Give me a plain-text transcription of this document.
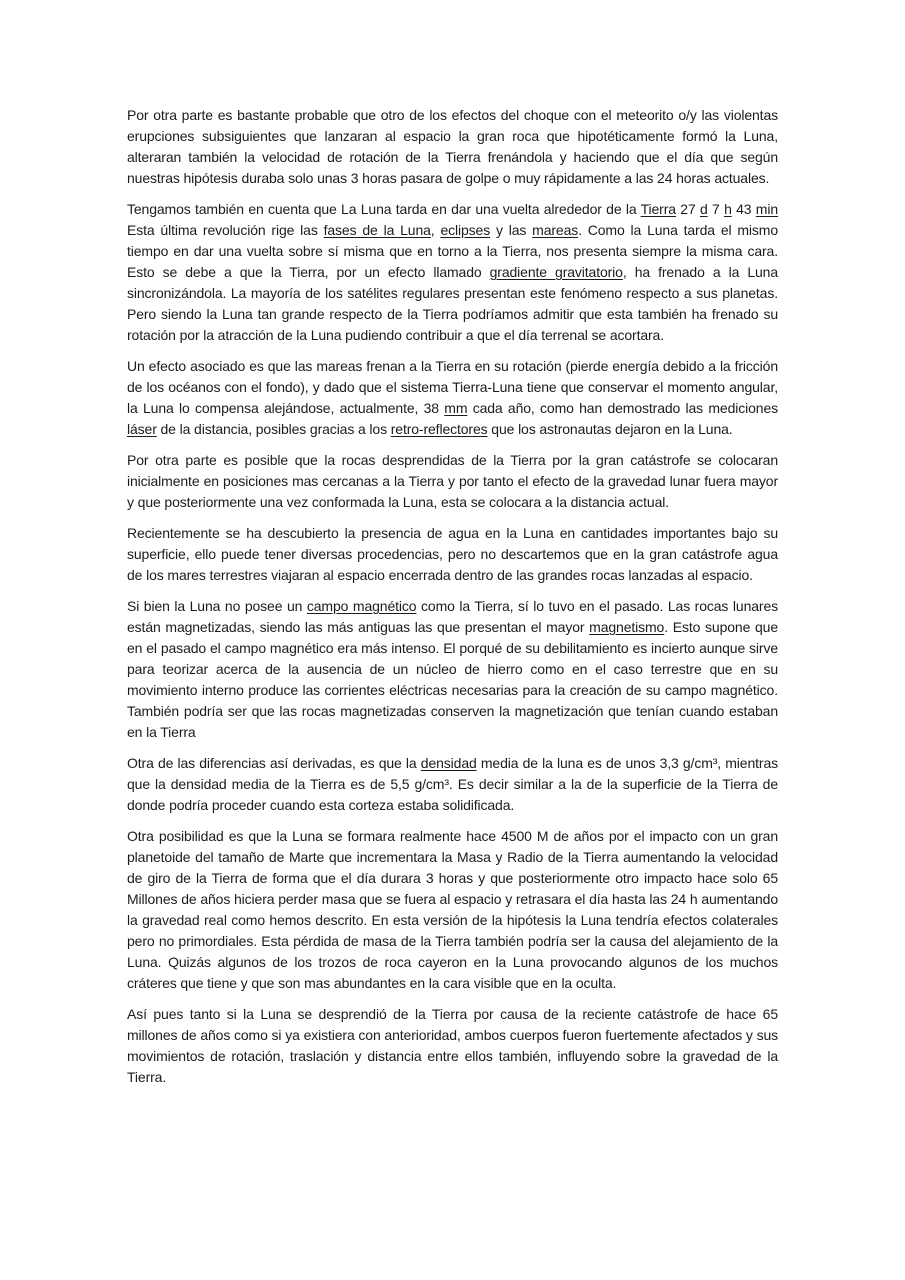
Por otra parte es bastante probable que otro de los efectos del choque con el meteorito o/y las violentas erupciones subsiguientes que lanzaran al espacio la gran roca que hipotéticamente formó la Luna, alteraran también la velocidad de rotación de la Tierra frenándola y haciendo que el día que según nuestras hipótesis duraba solo unas 3 horas pasara de golpe o muy rápidamente a las 24 horas actuales.

Tengamos también en cuenta que La Luna tarda en dar una vuelta alrededor de la Tierra 27 d 7 h 43 min Esta última revolución rige las fases de la Luna, eclipses y las mareas. Como la Luna tarda el mismo tiempo en dar una vuelta sobre sí misma que en torno a la Tierra, nos presenta siempre la misma cara. Esto se debe a que la Tierra, por un efecto llamado gradiente gravitatorio, ha frenado a la Luna sincronizándola. La mayoría de los satélites regulares presentan este fenómeno respecto a sus planetas. Pero siendo la Luna tan grande respecto de la Tierra podríamos admitir que esta también ha frenado su rotación por la atracción de la Luna pudiendo contribuir a que el día terrenal se acortara.

Un efecto asociado es que las mareas frenan a la Tierra en su rotación (pierde energía debido a la fricción de los océanos con el fondo), y dado que el sistema Tierra-Luna tiene que conservar el momento angular, la Luna lo compensa alejándose, actualmente, 38 mm cada año, como han demostrado las mediciones láser de la distancia, posibles gracias a los retro-reflectores que los astronautas dejaron en la Luna.

Por otra parte es posible que la rocas desprendidas de la Tierra por la gran catástrofe se colocaran inicialmente en posiciones mas cercanas a la Tierra y por tanto el efecto de la gravedad lunar fuera mayor y que posteriormente una vez conformada la Luna, esta se colocara a la distancia actual.

Recientemente se ha descubierto la presencia de agua en la Luna en cantidades importantes bajo su superficie, ello puede tener diversas procedencias, pero no descartemos que en la gran catástrofe agua de los mares terrestres viajaran al espacio encerrada dentro de las grandes rocas lanzadas al espacio.

Si bien la Luna no posee un campo magnético como la Tierra, sí lo tuvo en el pasado. Las rocas lunares están magnetizadas, siendo las más antiguas las que presentan el mayor magnetismo. Esto supone que en el pasado el campo magnético era más intenso. El porqué de su debilitamiento es incierto aunque sirve para teorizar acerca de la ausencia de un núcleo de hierro como en el caso terrestre que en su movimiento interno produce las corrientes eléctricas necesarias para la creación de su campo magnético. También podría ser que las rocas magnetizadas conserven la magnetización que tenían cuando estaban en la Tierra

Otra de las diferencias así derivadas, es que la densidad media de la luna es de unos 3,3 g/cm³, mientras que la densidad media de la Tierra es de 5,5 g/cm³. Es decir similar a la de la superficie de la Tierra de donde podría proceder cuando esta corteza estaba solidificada.

Otra posibilidad es que la Luna se formara realmente hace 4500 M de años por el impacto con un gran planetoide del tamaño de Marte que incrementara la Masa y Radio de la Tierra aumentando la velocidad de giro de la Tierra de forma que el día durara 3 horas y que posteriormente otro impacto hace solo 65 Millones de años hiciera perder masa que se fuera al espacio y retrasara el día hasta las 24 h aumentando la gravedad real como hemos descrito. En esta versión de la hipótesis la Luna tendría efectos colaterales pero no primordiales. Esta pérdida de masa de la Tierra también podría ser la causa del alejamiento de la Luna. Quizás algunos de los trozos de roca cayeron en la Luna provocando algunos de los muchos cráteres que tiene y que son mas abundantes en la cara visible que en la oculta.

Así pues tanto si la Luna se desprendió de la Tierra por causa de la reciente catástrofe de hace 65 millones de años como si ya existiera con anterioridad, ambos cuerpos fueron fuertemente afectados y sus movimientos de rotación, traslación y distancia entre ellos también, influyendo sobre la gravedad de la Tierra.
